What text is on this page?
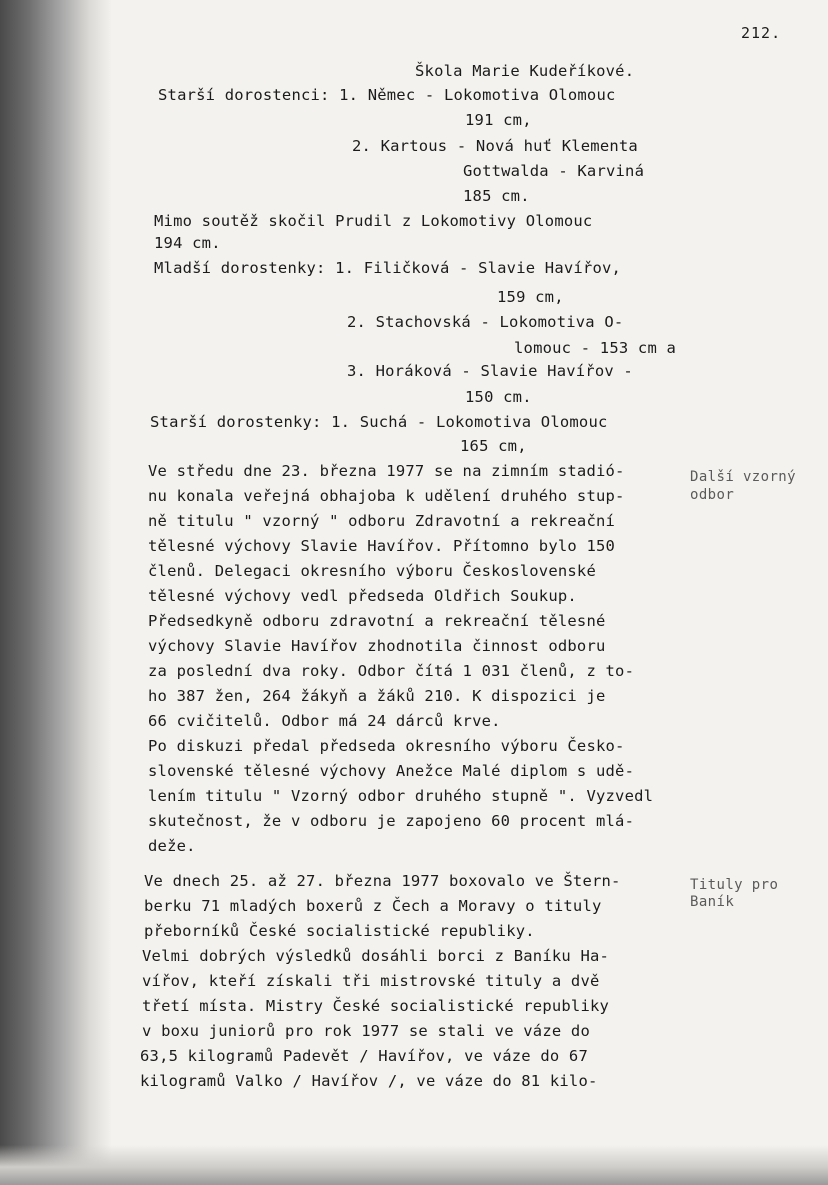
212.
Škola Marie Kudeříkové.
Starší dorostenci: 1. Němec - Lokomotiva Olomouc
191 cm,
2. Kartous - Nová huť Klementa
Gottwalda - Karviná
185 cm.
Mimo soutěž skočil Prudil z Lokomotivy Olomouc
194 cm.
Mladší dorostenky: 1. Filičková - Slavie Havířov,
159 cm,
2. Stachovská - Lokomotiva O-
lomouc - 153 cm a
3. Horáková - Slavie Havířov -
150 cm.
Starší dorostenky: 1. Suchá - Lokomotiva Olomouc
165 cm,
Ve středu dne 23. března 1977 se na zimním stadió-
nu konala veřejná obhajoba k udělení druhého stup-
ně titulu " vzorný " odboru Zdravotní a rekreační
tělesné výchovy Slavie Havířov. Přítomno bylo 150
členů. Delegaci okresního výboru Československé
tělesné výchovy vedl předseda Oldřich Soukup.
Předsedkyně odboru zdravotní a rekreační tělesné
výchovy Slavie Havířov zhodnotila činnost odboru
za poslední dva roky. Odbor čítá 1 031 členů, z to-
ho 387 žen, 264 žákyň a žáků 210. K dispozici je
66 cvičitelů. Odbor má 24 dárců krve.
Po diskuzi předal předseda okresního výboru Česko-
slovenské tělesné výchovy Anežce Malé diplom s udě-
lením titulu " Vzorný odbor druhého stupně ". Vyzvedl
skutečnost, že v odboru je zapojeno 60 procent mlá-
deže.
Ve dnech 25. až 27. března 1977 boxovalo ve Štern-
berku 71 mladých boxerů z Čech a Moravy o tituly
přeborníků České socialistické republiky.
Velmi dobrých výsledků dosáhli borci z Baníku Ha-
vířov, kteří získali tři mistrovské tituly a dvě
třetí místa. Mistry České socialistické republiky
v boxu juniorů pro rok 1977 se stali ve váze do
63,5 kilogramů Padevět / Havířov, ve váze do 67
kilogramů Valko / Havířov /, ve váze do 81 kilo-
Další vzorný
odbor
Tituly pro
Baník
